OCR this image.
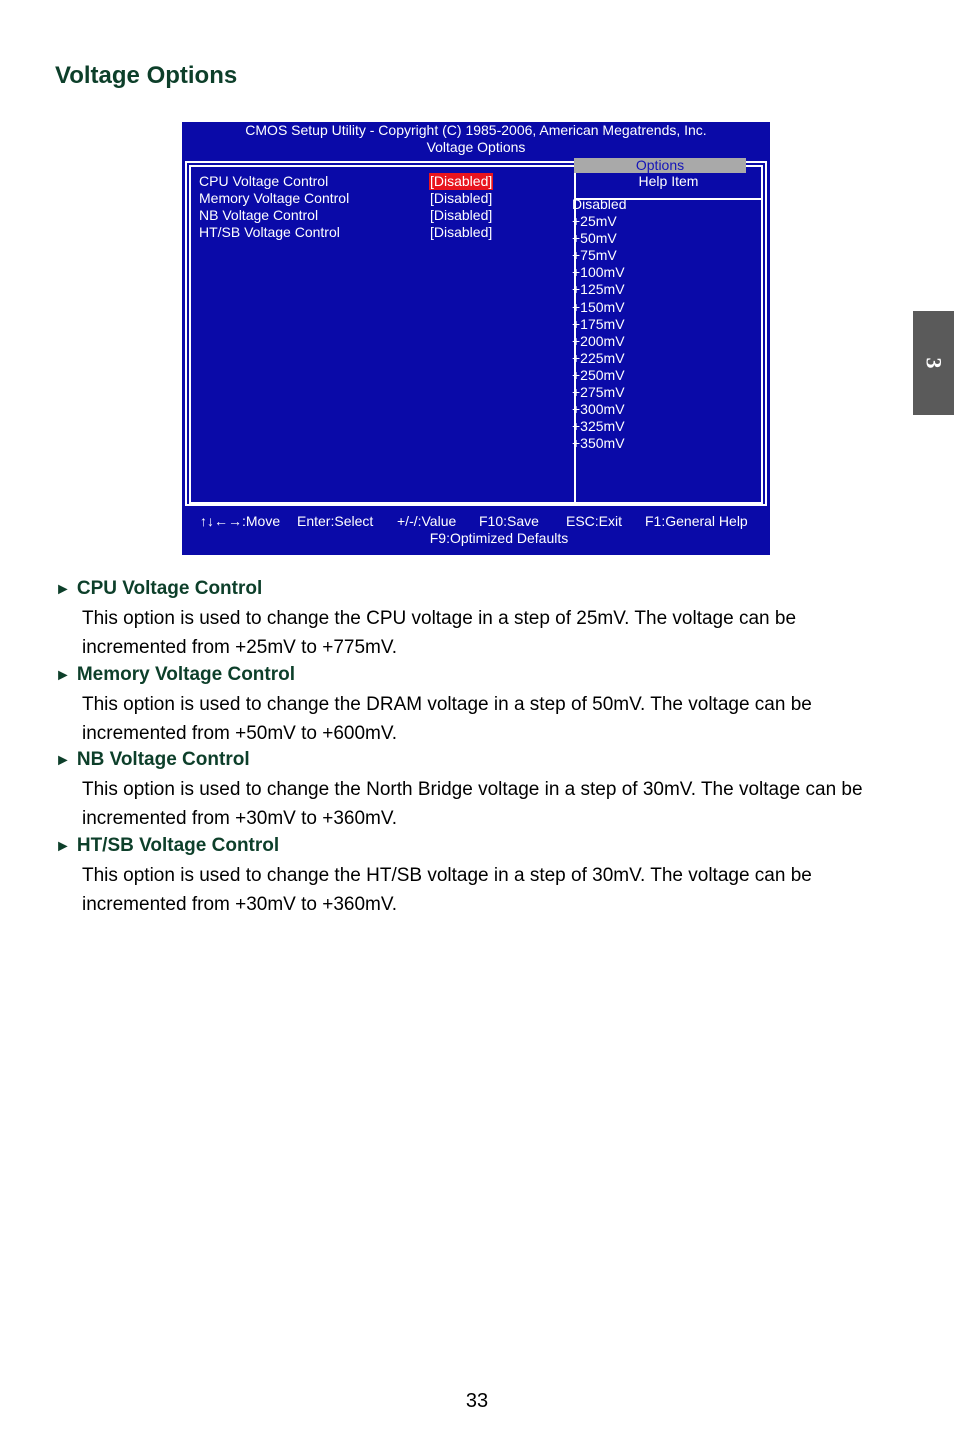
Voltage Options
3
CMOS Setup Utility - Copyright (C) 1985-2006, American Megatrends, Inc.
Voltage Options
CPU Voltage Control	[Disabled]
Memory Voltage Control	[Disabled]
NB Voltage Control	[Disabled]
HT/SB Voltage Control	[Disabled]
Help Item
Options
Disabled
+25mV
+50mV
+75mV
+100mV
+125mV
+150mV
+175mV
+200mV
+225mV
+250mV
+275mV
+300mV
+325mV
+350mV
↑↓←→:Move Enter:Select +/-/:Value F10:Save ESC:Exit F1:General Help
F9:Optimized Defaults
► CPU Voltage Control
This option is used to change the CPU voltage in a step of 25mV. The voltage can be
incremented from +25mV to +775mV.
► Memory Voltage Control
This option is used to change the DRAM voltage in a step of 50mV. The voltage can be
incremented from +50mV to +600mV.
► NB Voltage Control
This option is used to change the North Bridge voltage in a step of 30mV. The voltage can be
incremented from +30mV to +360mV.
► HT/SB Voltage Control
This option is used to change the HT/SB voltage in a step of 30mV. The voltage can be
incremented from +30mV to +360mV.
33
